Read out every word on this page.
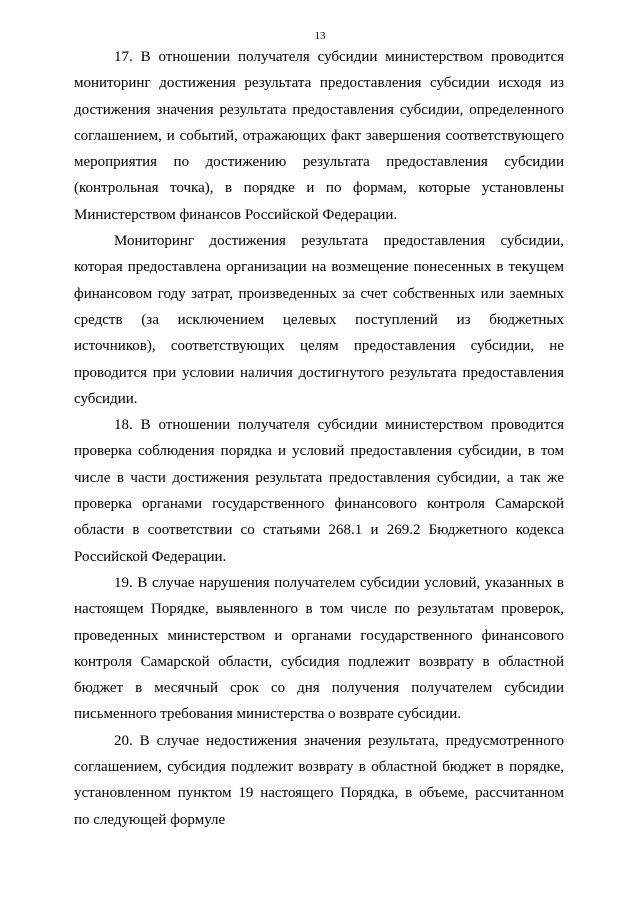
13

17. В отношении получателя субсидии министерством проводится
мониторинг достижения результата предоставления субсидии исходя из
достижения значения результата предоставления субсидии, определенного
соглашением, и событий, отражающих факт завершения соответствующего
мероприятия по достижению результата предоставления субсидии
(контрольная точка), в порядке и по формам, которые установлены
Министерством финансов Российской Федерации.

Мониторинг достижения результата предоставления субсидии,
которая предоставлена организации на возмещение понесенных в текущем
финансовом году затрат, произведенных за счет собственных или заемных
средств (за исключением целевых поступлений из бюджетных
источников), соответствующих целям предоставления субсидии, не
проводится при условии наличия достигнутого результата предоставления
субсидии.

18. В отношении получателя субсидии министерством проводится
проверка соблюдения порядка и условий предоставления субсидии, в том
числе в части достижения результата предоставления субсидии, а так же
проверка органами государственного финансового контроля Самарской
области в соответствии со статьями 268.1 и 269.2 Бюджетного кодекса
Российской Федерации.

19. В случае нарушения получателем субсидии условий, указанных в
настоящем Порядке, выявленного в том числе по результатам проверок,
проведенных министерством и органами государственного финансового
контроля Самарской области, субсидия подлежит возврату в областной
бюджет в месячный срок со дня получения получателем субсидии
письменного требования министерства о возврате субсидии.

20. В случае недостижения значения результата, предусмотренного
соглашением, субсидия подлежит возврату в областной бюджет в порядке,
установленном пунктом 19 настоящего Порядка, в объеме, рассчитанном
по следующей формуле
